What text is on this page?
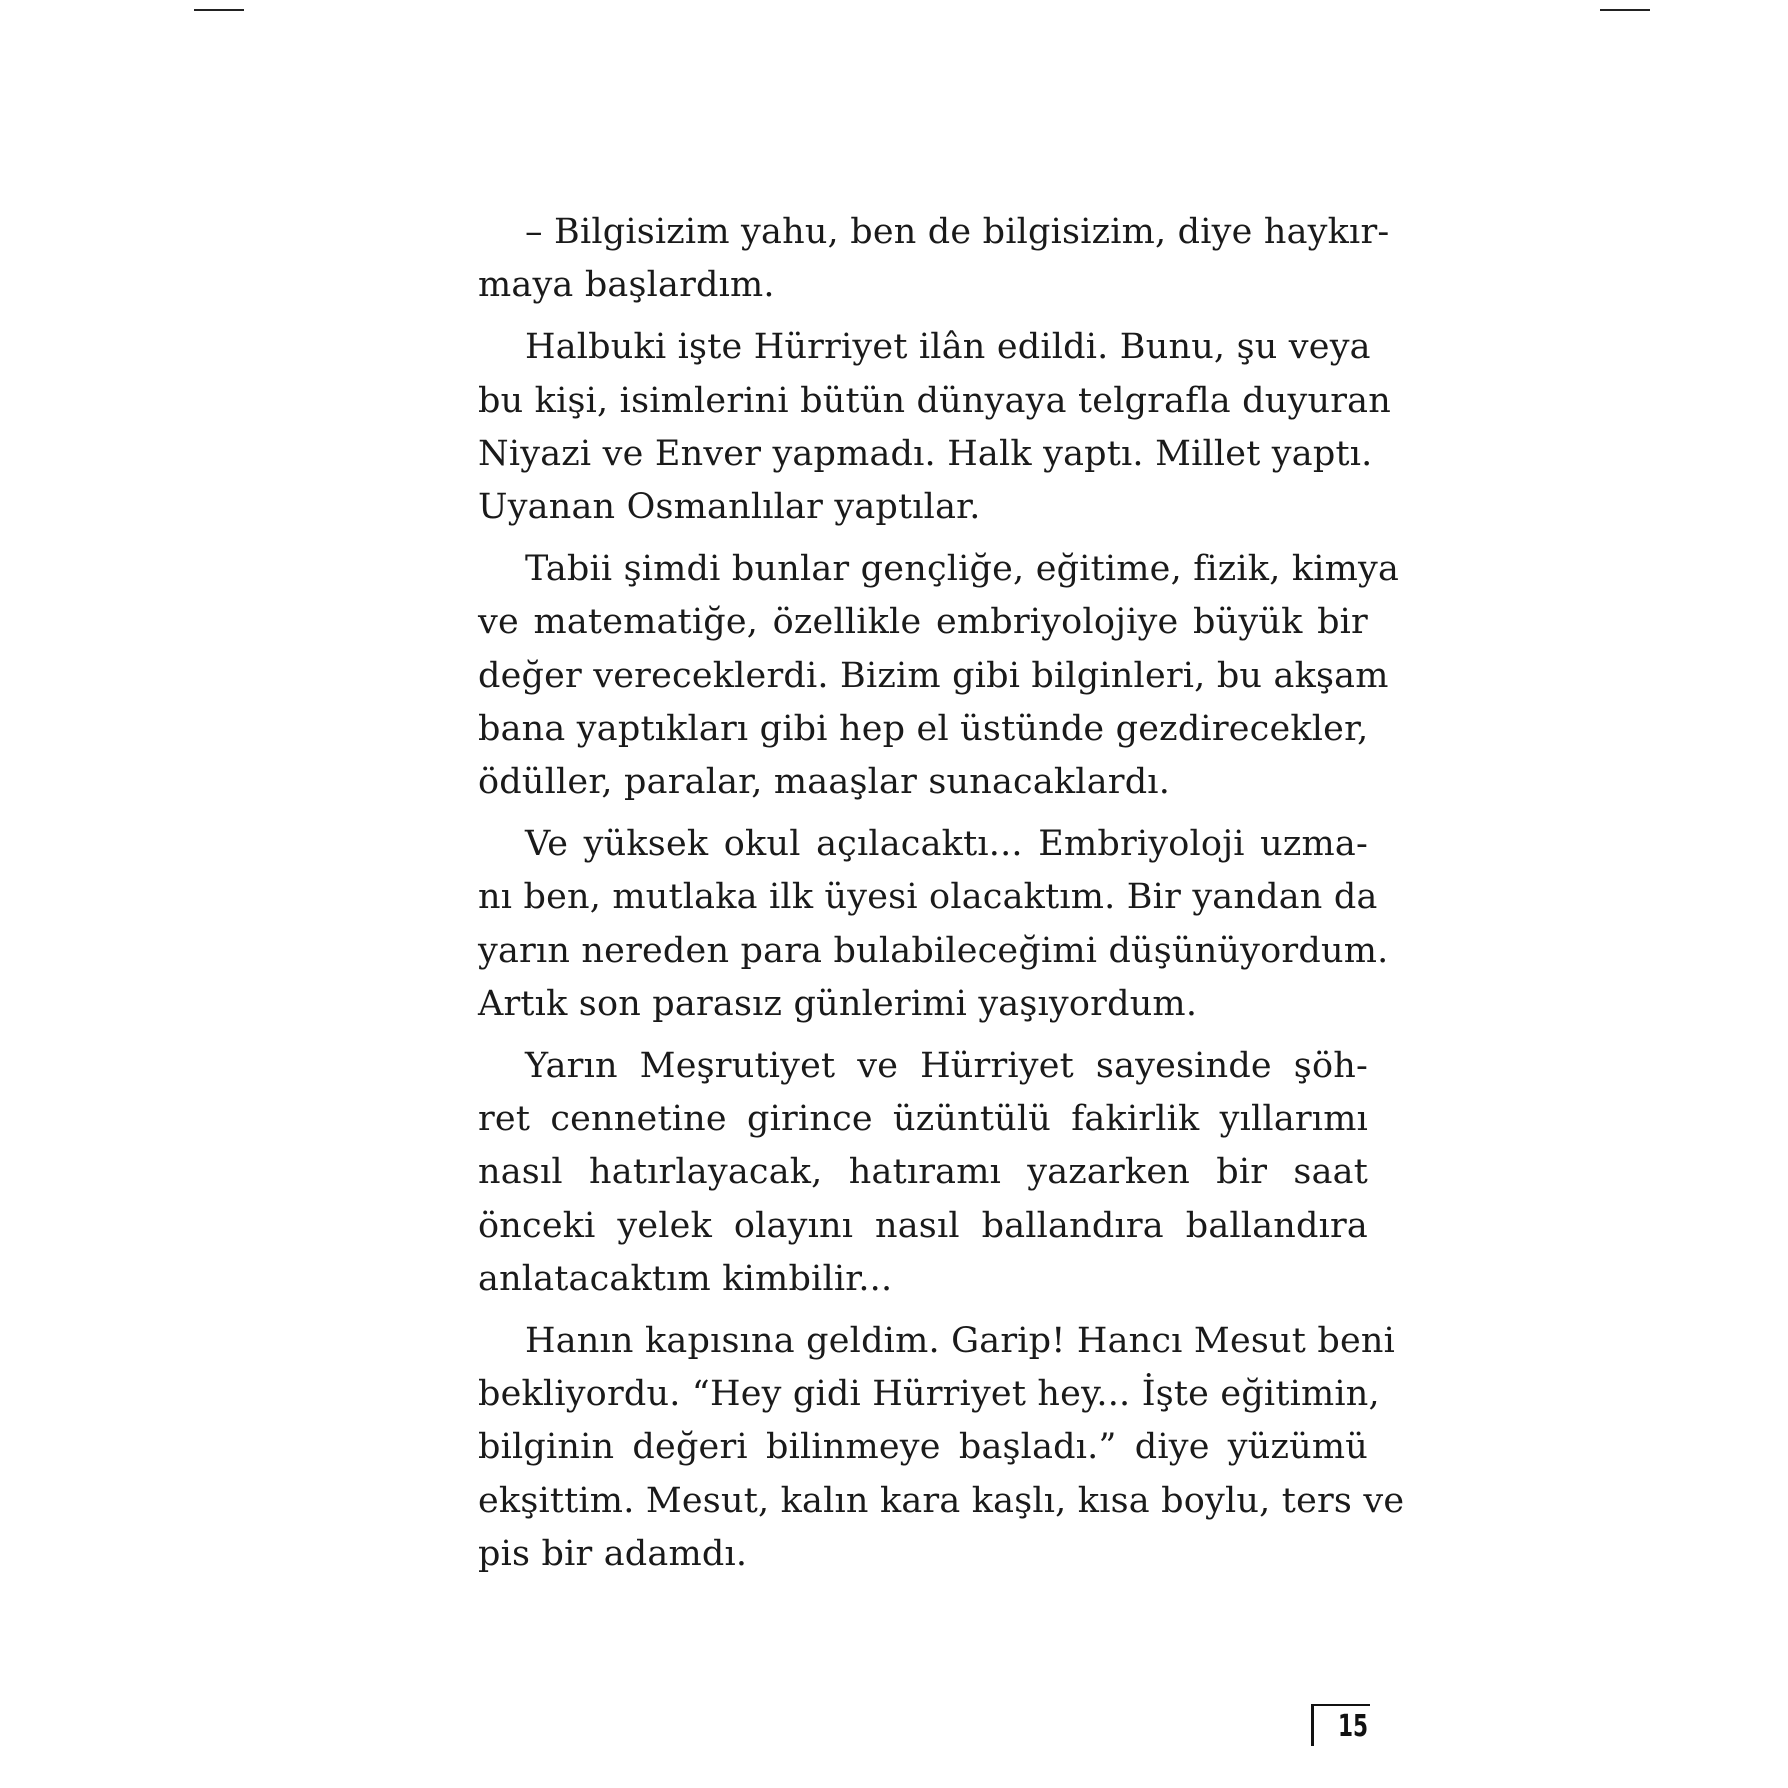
– Bilgisizim yahu, ben de bilgisizim, diye haykır-
maya başlardım.

Halbuki işte Hürriyet ilân edildi. Bunu, şu veya
bu kişi, isimlerini bütün dünyaya telgrafla duyuran
Niyazi ve Enver yapmadı. Halk yaptı. Millet yaptı.
Uyanan Osmanlılar yaptılar.

Tabii şimdi bunlar gençliğe, eğitime, fizik, kimya
ve matematiğe, özellikle embriyolojiye büyük bir
değer vereceklerdi. Bizim gibi bilginleri, bu akşam
bana yaptıkları gibi hep el üstünde gezdirecekler,
ödüller, paralar, maaşlar sunacaklardı.

Ve yüksek okul açılacaktı... Embriyoloji uzma-
nı ben, mutlaka ilk üyesi olacaktım. Bir yandan da
yarın nereden para bulabileceğimi düşünüyordum.
Artık son parasız günlerimi yaşıyordum.

Yarın Meşrutiyet ve Hürriyet sayesinde şöh-
ret cennetine girince üzüntülü fakirlik yıllarımı
nasıl hatırlayacak, hatıramı yazarken bir saat
önceki yelek olayını nasıl ballandıra ballandıra
anlatacaktım kimbilir...

Hanın kapısına geldim. Garip! Hancı Mesut beni
bekliyordu. “Hey gidi Hürriyet hey... İşte eğitimin,
bilginin değeri bilinmeye başladı.” diye yüzümü
ekşittim. Mesut, kalın kara kaşlı, kısa boylu, ters ve
pis bir adamdı.

15
